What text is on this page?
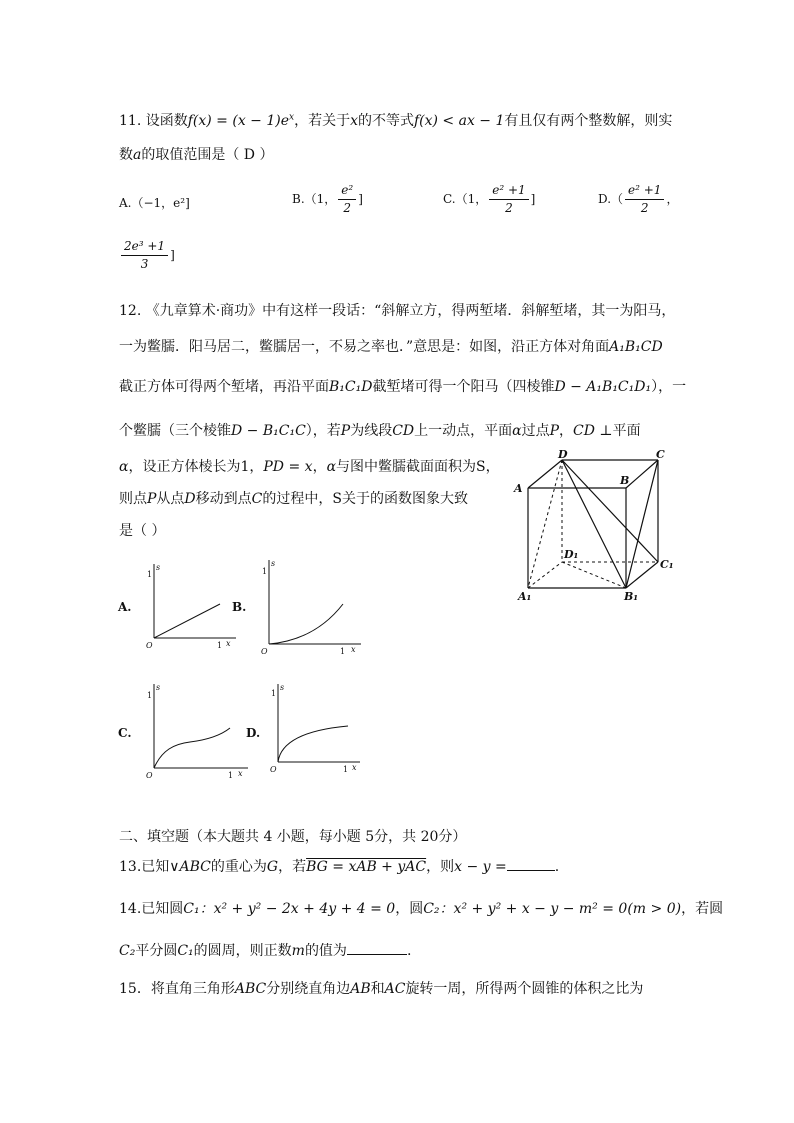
11. 设函数$f(x) = (x - 1)e^x$，若关于x的不等式f(x) < ax − 1有且仅有两个整数解，则实
数a的取值范围是（ D ）
A.（−1，e²]	B.（1， $\frac{\text{e²}}{2}$ ]	C.（1， $\frac{\text{e² +1}}{2}$ ]	$D.( \frac{\text{e² +1}}{2}$ ，
$\frac{\text{2e³ +1}}{3}$ ]
12. 《九章算术·商功》中有这样一段话：“斜解立方，得两堑堵．斜解堑堵，其一为阳马，
一为鳖臑．阳马居二，鳖臑居一，不易之率也．”意思是：如图，沿正方体对角面A₁B₁CD
截正方体可得两个堑堵，再沿平面B₁C₁D截堑堵可得一个阳马（四棱锥D − A₁B₁C₁D₁），一
个鳖臑（三个棱锥D − B₁C₁C），若P为线段CD上一动点，平面α过点P，CD ⊥平面
α，设正方体棱长为1，PD = x，α与图中鳖臑截面面积为S，
则点P从点D移动到点C的过程中，S关于的函数图象大致
是（ ）
D	C
A
B
D₁
C₁
A₁	B₁
A.
s
1
O	1 x
B.
s
1
O	1 x
C.
s
1
O	1 x
D.
s
1
O	1 x
二、填空题（本大题共 4 小题，每小题 5分，共 20分）
13.已知∨ABC的重心为G，若BG = xAB + yAC，则x − y =	.
14.已知圆C₁：x² + y² − 2x + 4y + 4 = 0，圆C₂：x² + y² + x − y − m² = 0(m > 0)，若圆
C₂平分圆C₁的圆周，则正数m的值为	.
15．将直角三角形ABC分别绕直角边AB和AC旋转一周，所得两个圆锥的体积之比为
